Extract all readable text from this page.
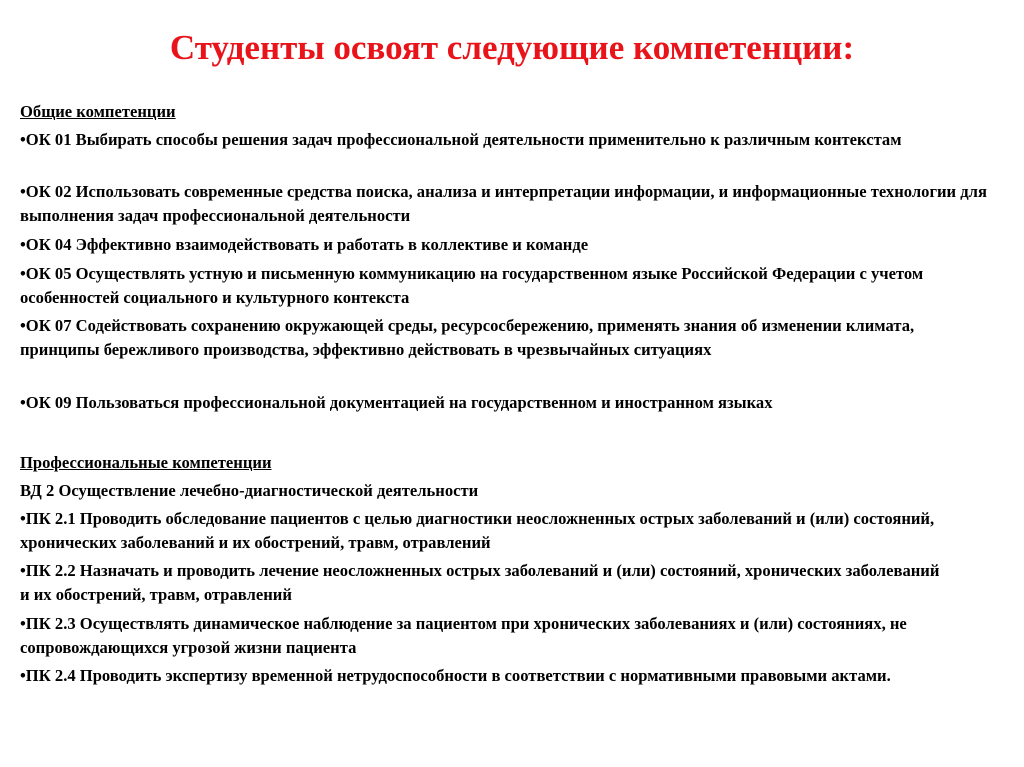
Студенты освоят следующие компетенции:
Общие компетенции
•ОК 01 Выбирать способы решения задач профессиональной деятельности применительно к различным контекстам
•ОК 02 Использовать современные средства поиска, анализа и интерпретации информации, и информационные технологии для выполнения задач профессиональной деятельности
•ОК 04 Эффективно взаимодействовать и работать в коллективе и команде
•ОК 05 Осуществлять устную и письменную коммуникацию на государственном языке Российской Федерации с учетом особенностей социального и культурного контекста
•ОК 07 Содействовать сохранению окружающей среды, ресурсосбережению, применять знания об изменении климата, принципы бережливого производства, эффективно действовать в чрезвычайных ситуациях
•ОК 09 Пользоваться профессиональной документацией на государственном и иностранном языках
Профессиональные компетенции
ВД 2 Осуществление лечебно-диагностической деятельности
•ПК 2.1 Проводить обследование пациентов с целью диагностики неосложненных острых заболеваний и (или) состояний, хронических заболеваний и их обострений, травм, отравлений
•ПК 2.2 Назначать и проводить лечение неосложненных острых заболеваний и (или) состояний, хронических заболеваний и их обострений, травм, отравлений
•ПК 2.3 Осуществлять динамическое наблюдение за пациентом при хронических заболеваниях и (или) состояниях, не сопровождающихся угрозой жизни пациента
•ПК 2.4 Проводить экспертизу временной нетрудоспособности в соответствии с нормативными правовыми актами.
